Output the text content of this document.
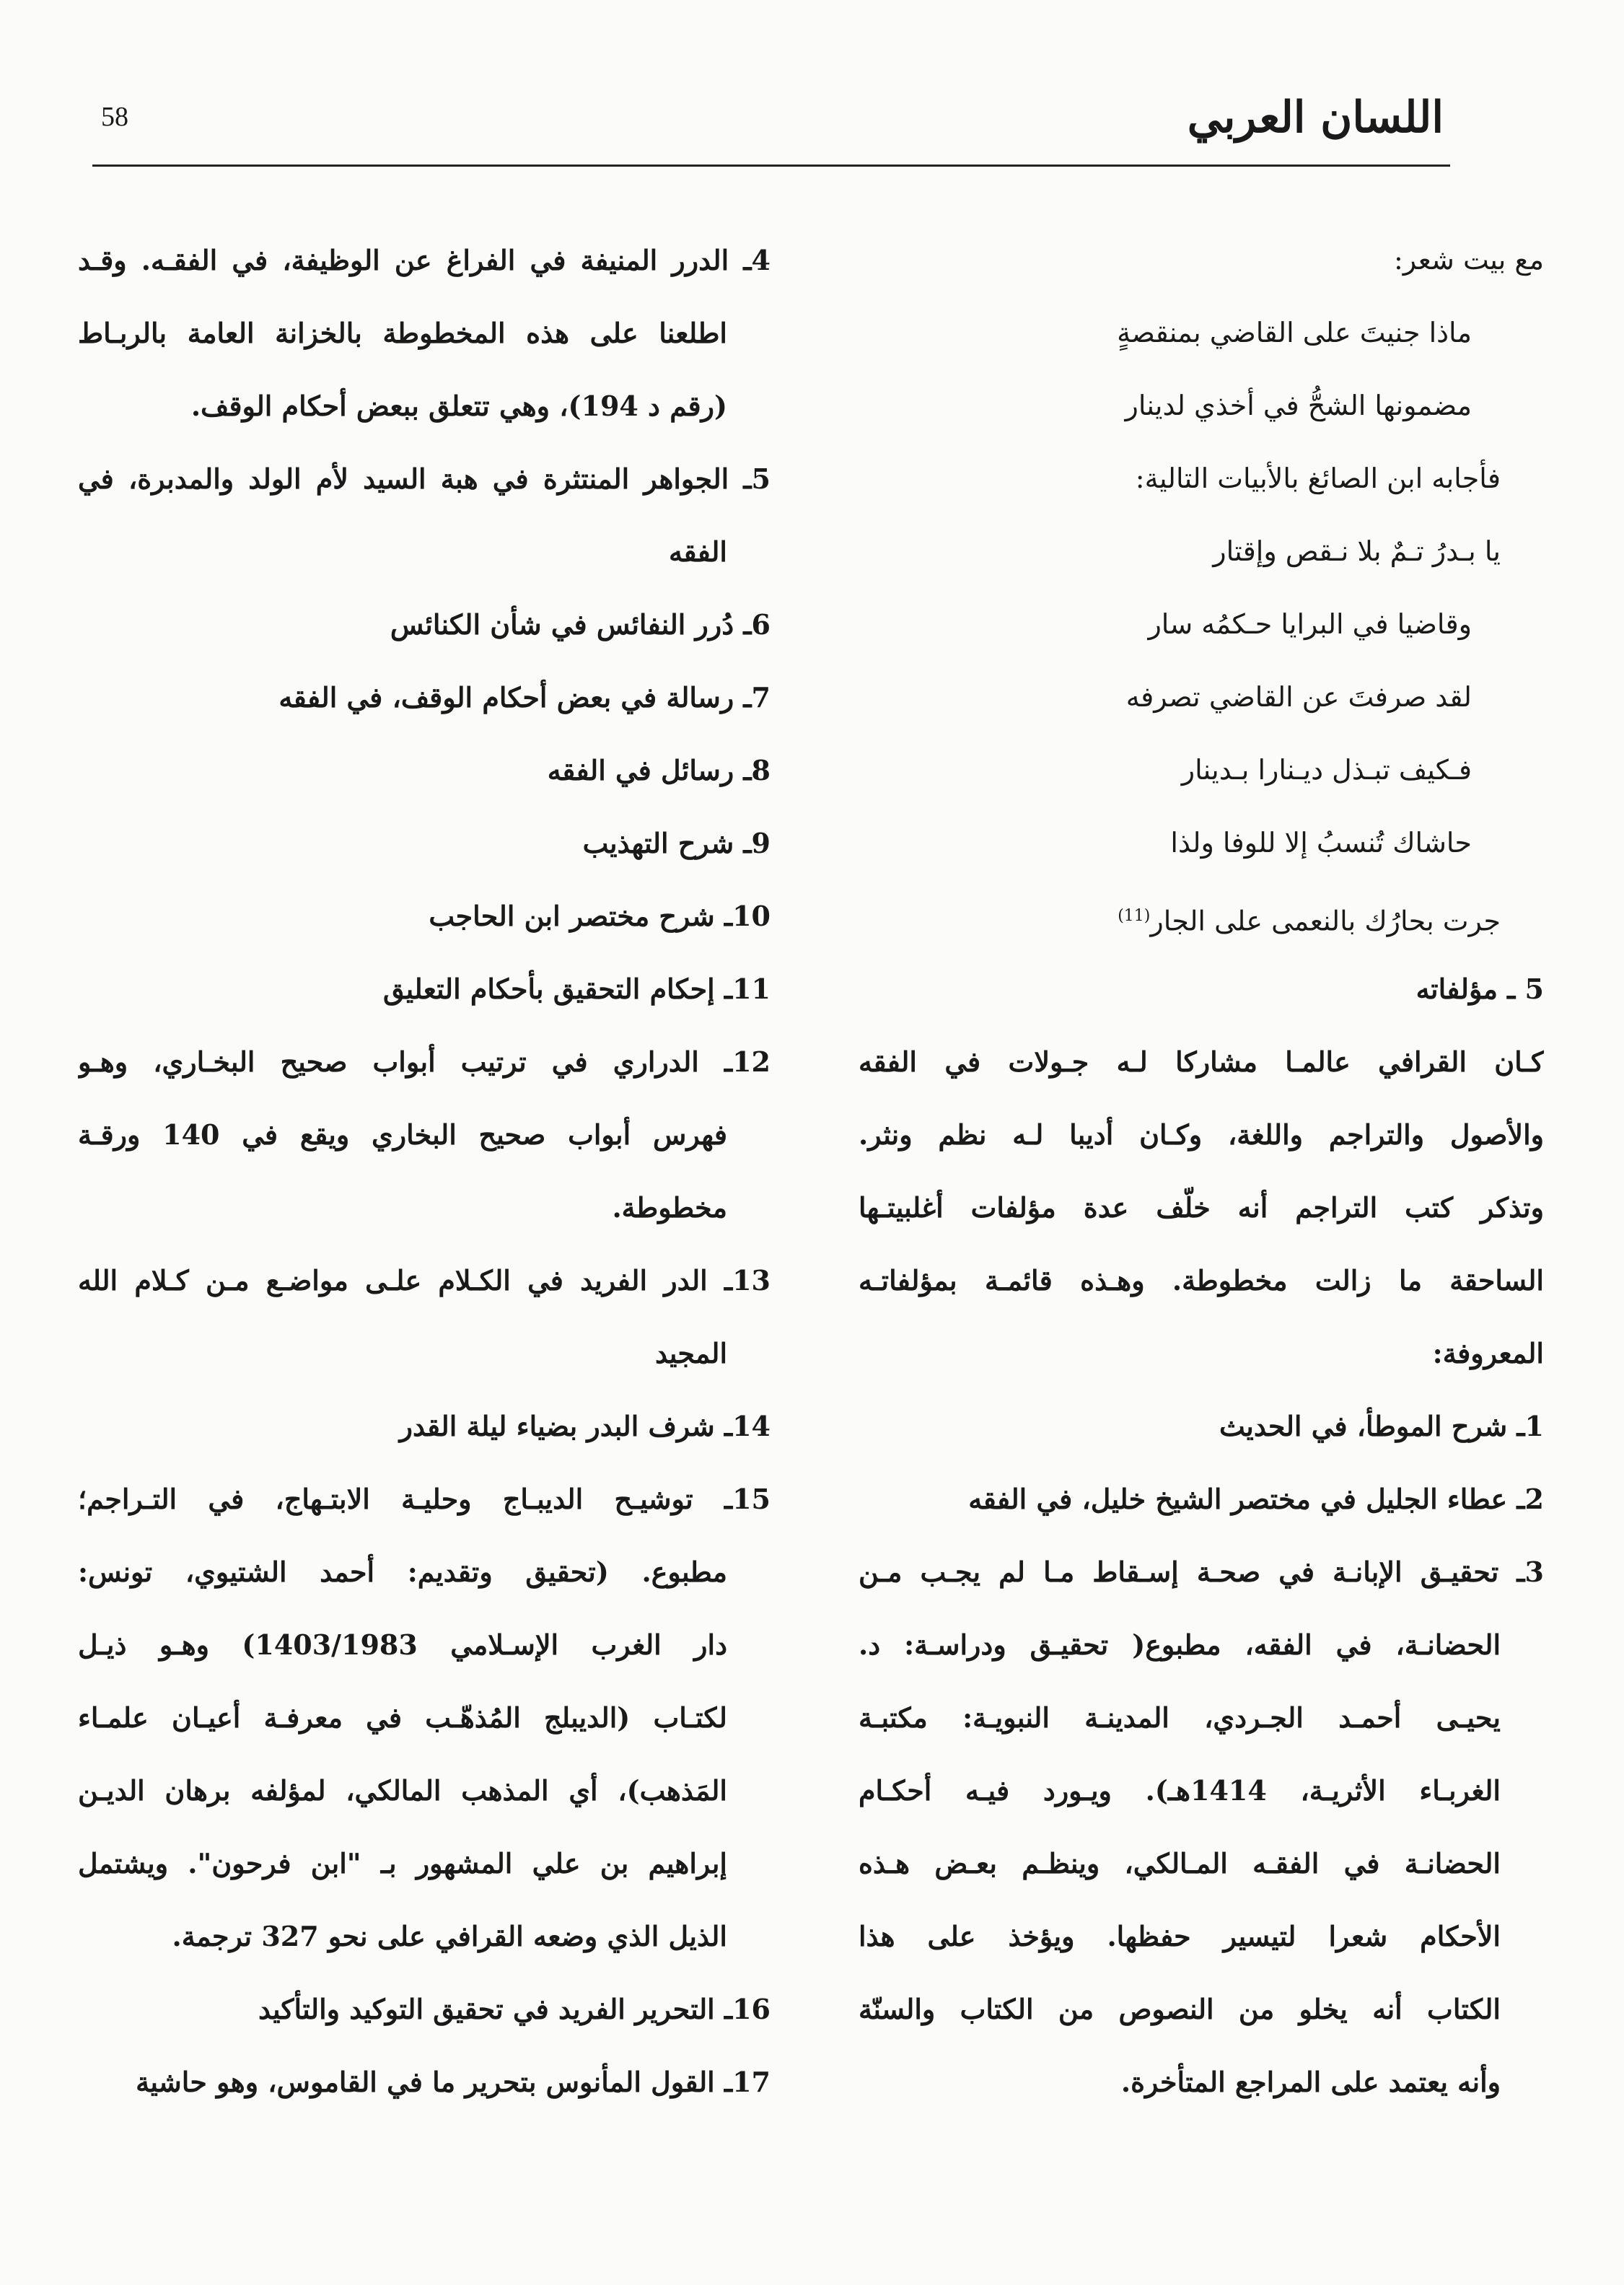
58	اللسان العربي
مع بيت شعر:
ماذا جنيتَ على القاضي بمنقصةٍ
مضمونها الشحُّ في أخذي لدينار
فأجابه ابن الصائغ بالأبيات التالية:
يا بـدرُ تـمٌ بلا نـقص وإقتار
وقاضيا في البرايا حـكمُه سار
لقد صرفتَ عن القاضي تصرفه
فـكيف تبـذل ديـنارا بـدينار
حاشاك تُنسبُ إلا للوفا ولذا
جرت بحارُك بالنعمى على الجار$^{(11)}$
5 ـ مؤلفاته
كـان القرافي عالمـا مشاركا لـه جـولات في الفقه
والأصول والتراجم واللغة، وكـان أديبا لـه نظم ونثر.
وتذكر كتب التراجم أنه خلّف عدة مؤلفات أغلبيتـها
الساحقة ما زالت مخطوطة. وهـذه قائمـة بمؤلفاتـه
المعروفة:
1ـ شرح الموطأ، في الحديث
2ـ عطاء الجليل في مختصر الشيخ خليل، في الفقه
3ـ تحقيـق الإبانـة في صحـة إسـقاط مـا لم يجـب مـن
الحضانـة، في الفقه، مطبوع( تحقيـق ودراسـة: د.
يحيـى أحمـد الجـردي، المدينـة النبويـة: مكتبـة
الغربـاء الأثريـة، 1414هـ). ويـورد فيـه أحكـام
الحضانـة في الفقـه المـالكي، وينظـم بعـض هـذه
الأحكام شعرا لتيسير حفظها. ويؤخذ على هذا
الكتاب أنه يخلو من النصوص من الكتاب والسنّة
وأنه يعتمد على المراجع المتأخرة.
4ـ الدرر المنيفة في الفراغ عن الوظيفة، في الفقـه. وقـد
اطلعنا على هذه المخطوطة بالخزانة العامة بالربـاط
(رقم د 194)، وهي تتعلق ببعض أحكام الوقف.
5ـ الجواهر المنتثرة في هبة السيد لأم الولد والمدبرة، في
الفقه
6ـ دُرر النفائس في شأن الكنائس
7ـ رسالة في بعض أحكام الوقف، في الفقه
8ـ رسائل في الفقه
9ـ شرح التهذيب
10ـ شرح مختصر ابن الحاجب
11ـ إحكام التحقيق بأحكام التعليق
12ـ الدراري في ترتيب أبواب صحيح البخـاري، وهـو
فهرس أبواب صحيح البخاري ويقع في 140 ورقـة
مخطوطة.
13ـ الدر الفريد في الكـلام علـى مواضـع مـن كـلام الله
المجيد
14ـ شرف البدر بضياء ليلة القدر
15ـ توشيـح الديبـاج وحليـة الابتـهاج، في التـراجم؛
مطبوع. (تحقيق وتقديم: أحمد الشتيوي، تونس:
دار الغرب الإسـلامي 1403/1983) وهـو ذيـل
لكتـاب (الديبلج المُذهّـب في معرفـة أعيـان علمـاء
المَذهب)، أي المذهب المالكي، لمؤلفه برهان الديـن
إبراهيم بن علي المشهور بـ "ابن فرحون". ويشتمل
الذيل الذي وضعه القرافي على نحو 327 ترجمة.
16ـ التحرير الفريد في تحقيق التوكيد والتأكيد
17ـ القول المأنوس بتحرير ما في القاموس، وهو حاشية
